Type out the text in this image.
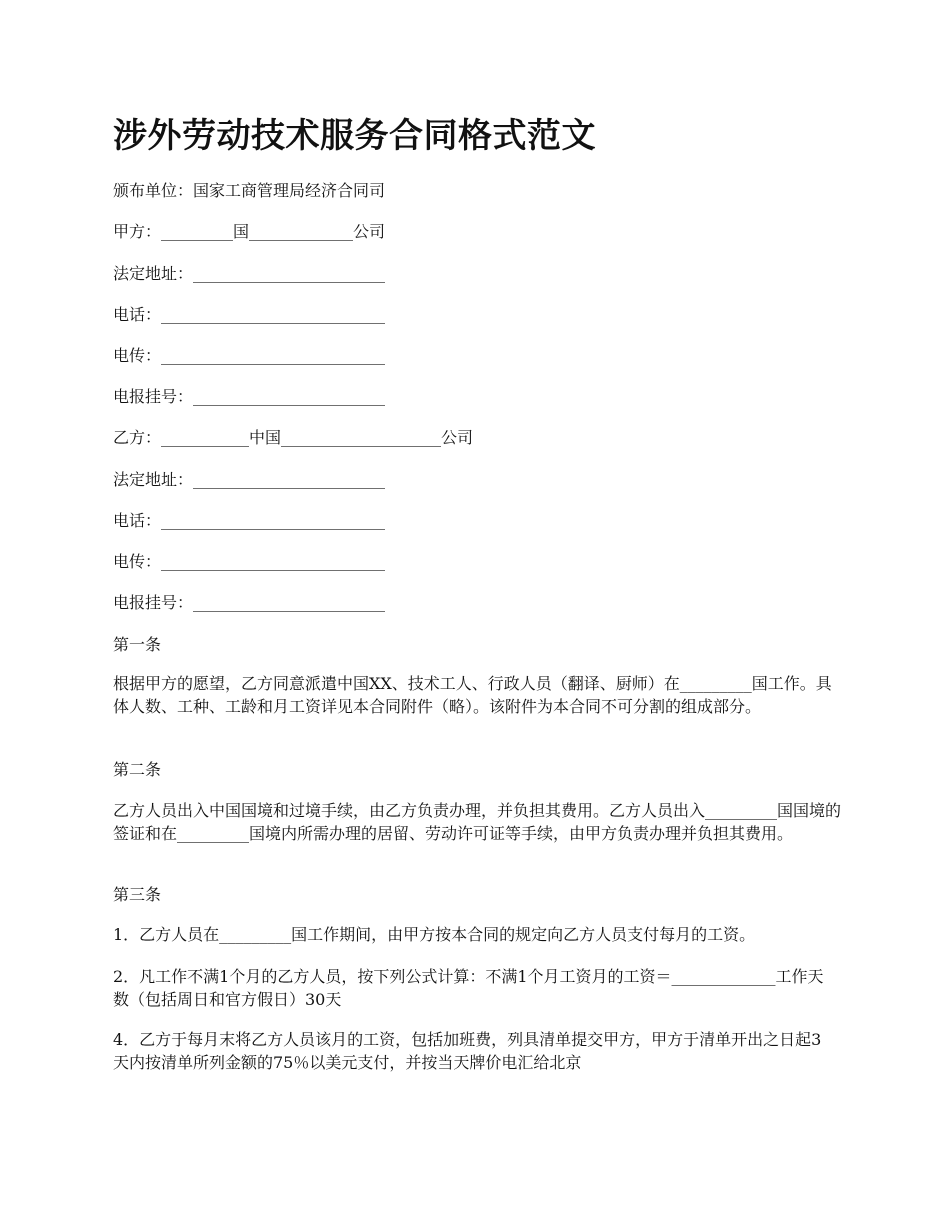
涉外劳动技术服务合同格式范文
颁布单位：国家工商管理局经济合同司
甲方：_________国_____________公司
法定地址：________________________
电话：____________________________
电传：____________________________
电报挂号：________________________
乙方：___________中国____________________公司
法定地址：________________________
电话：____________________________
电传：____________________________
电报挂号：________________________
第一条

根据甲方的愿望，乙方同意派遣中国XX、技术工人、行政人员（翻译、厨师）在_________国工作。具体人数、工种、工龄和月工资详见本合同附件（略）。该附件为本合同不可分割的组成部分。

第二条

乙方人员出入中国国境和过境手续，由乙方负责办理，并负担其费用。乙方人员出入_________国国境的签证和在_________国境内所需办理的居留、劳动许可证等手续，由甲方负责办理并负担其费用。

第三条

1．乙方人员在_________国工作期间，由甲方按本合同的规定向乙方人员支付每月的工资。

2．凡工作不满1个月的乙方人员，按下列公式计算：不满1个月工资月的工资＝_____________工作天数（包括周日和官方假日）30天

4．乙方于每月末将乙方人员该月的工资，包括加班费，列具清单提交甲方，甲方于清单开出之日起3天内按清单所列金额的75％以美元支付，并按当天牌价电汇给北京
